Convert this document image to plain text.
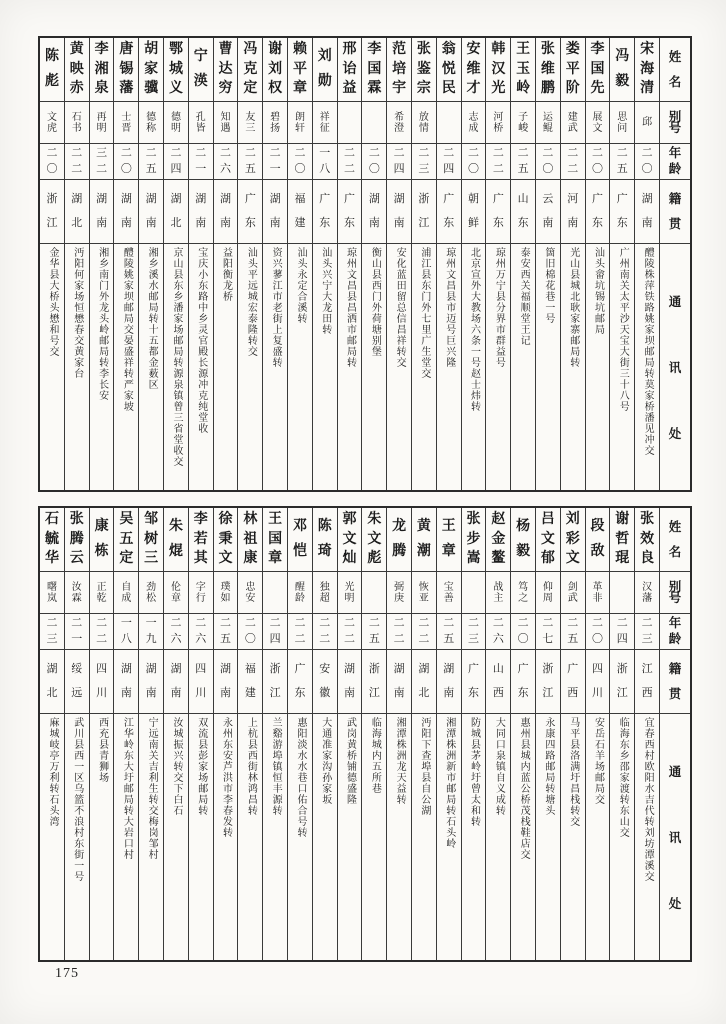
姓
名
别
号
年
龄
籍
贯
通
讯
处
宋
海
清
邱
二
〇
湖
南
醴陵株萍铁路姚家坝邮局转莫家桥潘见冲交
冯
毅
思
问
二
五
广
东
广州南关太平沙天宝大街三十八号
李
国
先
展
文
二
〇
广
东
汕头畲坑锡坑邮局
娄
平
阶
建
武
二
二
河
南
光山县城北耿家寨邮局转
张
维
鹏
运
鲲
二
〇
云
南
箇旧棉花巷一号
王
玉
岭
子
峻
二
五
山
东
泰安西关福顺堂王记
韩
汉
光
河
桥
二
二
广
东
琼州万宁县分界市群益号
安
维
才
志
成
二
〇
朝
鲜
北京宣外大教场六条一号赵士炜转
翁
悦
民
二
四
广
东
琼州文昌县市迈号巨兴隆
张
鉴
宗
放
情
二
三
浙
江
浦江县东门外七里广生堂交
范
培
宇
希
澄
二
四
湖
南
安化蓝田留总信昌祥转交
李
国
霖
二
〇
湖
南
衡山县西门外荷塘别堡
邢
诒
益
二
二
广
东
琼州文昌县昌洒市邮局转
刘
勋
祥
征
一
八
广
东
汕头兴宁大龙田转
赖
平
章
朗
轩
二
〇
福
建
汕头永定合溪转
谢
刘
权
碧
扬
二
一
湖
南
资兴蓼江市老街上复盛转
冯
克
定
友
三
二
五
广
东
汕头平远城宏泰隆转交
曹
达
穷
知
遇
二
六
湖
南
益阳衡龙桥
宁
渶
孔
皆
二
一
湖
南
宝庆小东路中乡灵官殿长源冲克纯堂收
鄂
城
义
德
明
二
四
湖
北
京山县东乡潘家场邮局转源泉镇曾三省堂收交
胡
家
骥
德
称
二
五
湖
南
湘乡溪水邮局转十五都金薮区
唐
锡
藩
士
晋
二
〇
湖
南
醴陵姚家坝邮局交晏盛祥转严家坡
李
湘
泉
再
明
三
二
湖
南
湘乡南门外龙头岭邮局转李长安
黄
映
赤
石
书
二
二
湖
北
沔阳何家场恒懋春交黄家台
陈
彪
文
虎
二
〇
浙
江
金华县大桥头懋和号交
姓
名
别
号
年
龄
籍
贯
通
讯
处
张
效
良
汉
藩
二
三
江
西
宜春西村欧阳水吉代转刘坊潭溪交
谢
哲
琨
二
四
浙
江
临海东乡邵家渡转东山交
段
敌
革
非
二
〇
四
川
安岳石羊场邮局交
刘
彩
文
剑
武
二
五
广
西
马平县洛满圩昌栈转交
吕
文
郁
仰
周
二
七
浙
江
永康四路邮局转塘头
杨
毅
笃
之
二
〇
广
东
惠州县城内蓝公桥茂栈鞋店交
赵
金
鳌
战
主
二
六
山
西
大同口泉镇自义成转
张
步
嵩
二
三
广
东
防城县茅岭圩曾太和转
王
章
宝
善
二
五
湖
南
湘潭株洲新市邮局转石头岭
黄
潮
恢
亚
二
二
湖
北
沔阳下查埠县自公湖
龙
腾
弼
庚
二
二
湖
南
湘潭株洲龙天益转
朱
文
彪
二
五
浙
江
临海城内五所巷
郭
文
灿
光
明
二
二
湖
南
武岗黄桥铺德盛隆
陈
琦
独
超
二
二
安
徽
大通准家沟孙家坂
邓
恺
醒
龄
二
二
广
东
惠阳淡水水巷口佑合号转
王
国
章
二
四
浙
江
兰谿游埠镇恒丰源转
林
祖
康
忠
安
二
〇
福
建
上杭县西街林鸿昌转
徐
秉
文
璞
如
二
五
湖
南
永州东安芦洪市李春发转
李
若
其
字
行
二
六
四
川
双流县彭家场邮局转
朱
焜
伦
章
二
六
湖
南
汝城振兴转交下白石
邹
树
三
劲
松
一
九
湖
南
宁远南关吉利生转交梅岗邹村
吴
五
定
自
成
一
八
湖
南
江华岭东大圩邮局转大岩口村
康
栋
正
乾
二
二
四
川
西充县青狮场
张
腾
云
汝
霖
二
一
绥
远
武川县西一区乌篮不浪村东街一号
石
毓
华
曙
岚
二
三
湖
北
麻城岐亭万利转石头湾
175
